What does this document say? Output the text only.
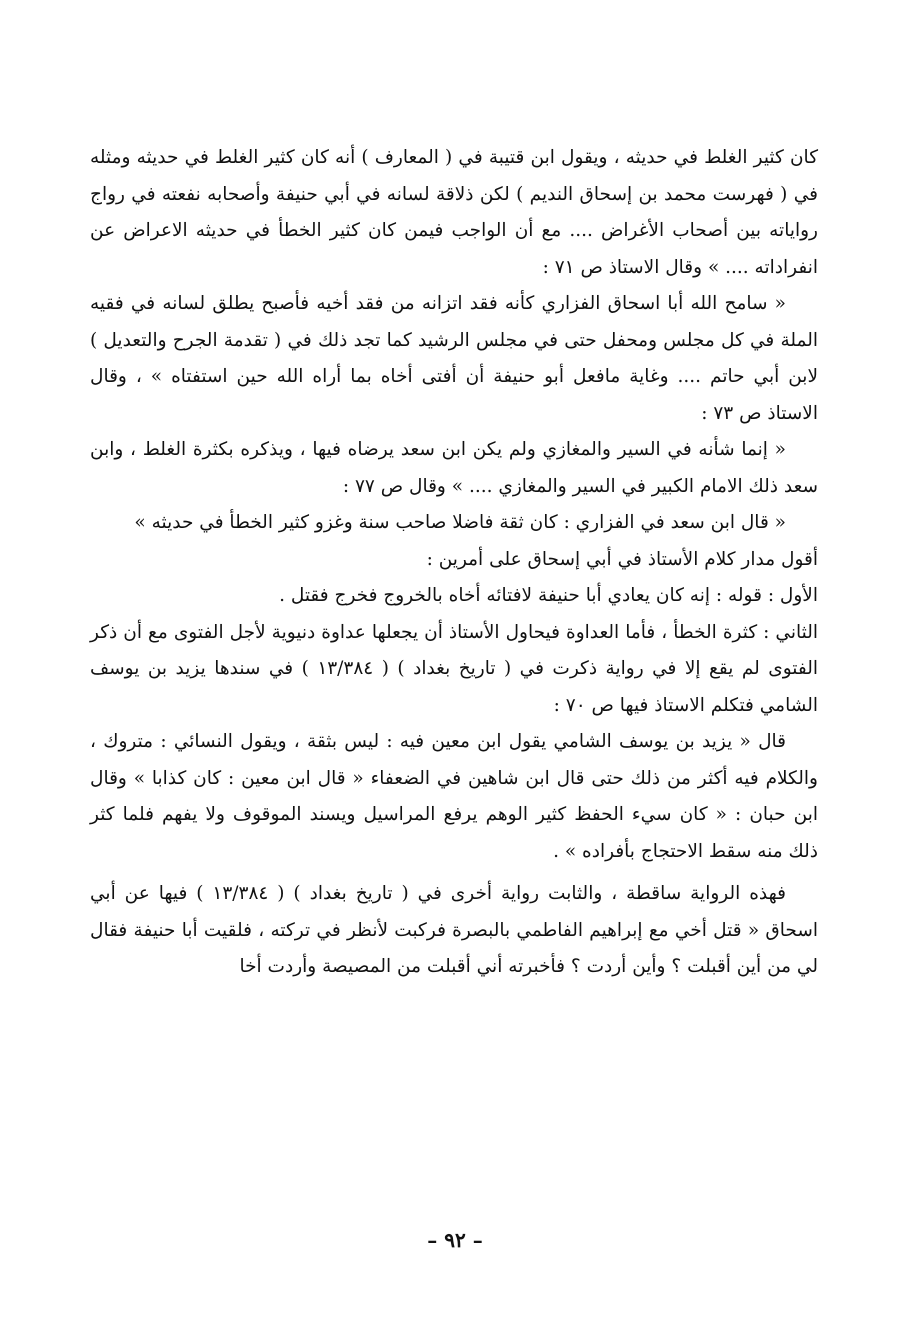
كان كثير الغلط في حديثه ، ويقول ابن قتيبة في ( المعارف ) أنه كان كثير الغلط في حديثه ومثله في ( فهرست محمد بن إسحاق النديم ) لكن ذلاقة لسانه في أبي حنيفة وأصحابه نفعته في رواج رواياته بين أصحاب الأغراض .... مع أن الواجب فيمن كان كثير الخطأ في حديثه الاعراض عن انفراداته .... » وقال الاستاذ ص ٧١ :

« سامح الله أبا اسحاق الفزاري كأنه فقد اتزانه من فقد أخيه فأصبح يطلق لسانه في فقيه الملة في كل مجلس ومحفل حتى في مجلس الرشيد كما تجد ذلك في ( تقدمة الجرح والتعديل ) لابن أبي حاتم .... وغاية مافعل أبو حنيفة أن أفتى أخاه بما أراه الله حين استفتاه » ، وقال الاستاذ ص ٧٣ :

« إنما شأنه في السير والمغازي ولم يكن ابن سعد يرضاه فيها ، ويذكره بكثرة الغلط ، وابن سعد ذلك الامام الكبير في السير والمغازي .... » وقال ص ٧٧ :

« قال ابن سعد في الفزاري : كان ثقة فاضلا صاحب سنة وغزو كثير الخطأ في حديثه »

أقول مدار كلام الأستاذ في أبي إسحاق على أمرين :

الأول : قوله : إنه كان يعادي أبا حنيفة لافتائه أخاه بالخروج فخرج فقتل .

الثاني : كثرة الخطأ ، فأما العداوة فيحاول الأستاذ أن يجعلها عداوة دنيوية لأجل الفتوى مع أن ذكر الفتوى لم يقع إلا في رواية ذكرت في ( تاريخ بغداد ) ( ١٣/٣٨٤ ) في سندها يزيد بن يوسف الشامي فتكلم الاستاذ فيها ص ٧٠ :

قال « يزيد بن يوسف الشامي يقول ابن معين فيه : ليس بثقة ، ويقول النسائي : متروك ، والكلام فيه أكثر من ذلك حتى قال ابن شاهين في الضعفاء « قال ابن معين : كان كذابا » وقال ابن حبان : « كان سيء الحفظ كثير الوهم يرفع المراسيل ويسند الموقوف ولا يفهم فلما كثر ذلك منه سقط الاحتجاج بأفراده » .

فهذه الرواية ساقطة ، والثابت رواية أخرى في ( تاريخ بغداد ) ( ١٣/٣٨٤ ) فيها عن أبي اسحاق « قتل أخي مع إبراهيم الفاطمي بالبصرة فركبت لأنظر في تركته ، فلقيت أبا حنيفة فقال لي من أين أقبلت ؟ وأين أردت ؟ فأخبرته أني أقبلت من المصيصة وأردت أخا

– ٩٢ –
